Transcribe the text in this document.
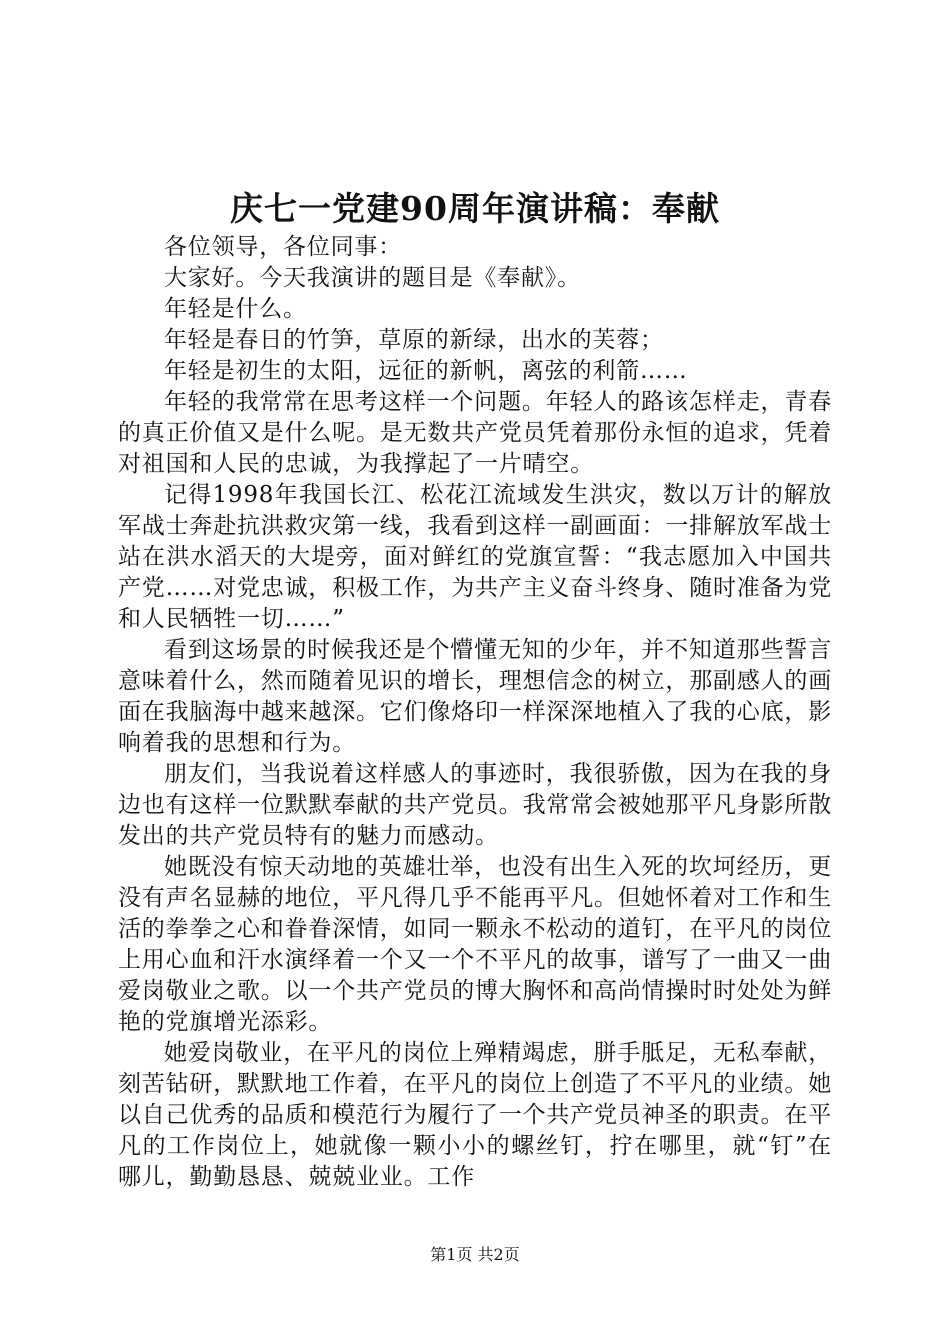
庆七一党建90周年演讲稿：奉献

各位领导，各位同事：

大家好。今天我演讲的题目是《奉献》。

年轻是什么。

年轻是春日的竹笋，草原的新绿，出水的芙蓉；

年轻是初生的太阳，远征的新帆，离弦的利箭……

年轻的我常常在思考这样一个问题。年轻人的路该怎样走，青春的真正价值又是什么呢。是无数共产党员凭着那份永恒的追求，凭着对祖国和人民的忠诚，为我撑起了一片晴空。

记得1998年我国长江、松花江流域发生洪灾，数以万计的解放军战士奔赴抗洪救灾第一线，我看到这样一副画面：一排解放军战士站在洪水滔天的大堤旁，面对鲜红的党旗宣誓：“我志愿加入中国共产党……对党忠诚，积极工作，为共产主义奋斗终身、随时准备为党和人民牺牲一切……”

看到这场景的时候我还是个懵懂无知的少年，并不知道那些誓言意味着什么，然而随着见识的增长，理想信念的树立，那副感人的画面在我脑海中越来越深。它们像烙印一样深深地植入了我的心底，影响着我的思想和行为。

朋友们，当我说着这样感人的事迹时，我很骄傲，因为在我的身边也有这样一位默默奉献的共产党员。我常常会被她那平凡身影所散发出的共产党员特有的魅力而感动。

她既没有惊天动地的英雄壮举，也没有出生入死的坎坷经历，更没有声名显赫的地位，平凡得几乎不能再平凡。但她怀着对工作和生活的拳拳之心和眷眷深情，如同一颗永不松动的道钉，在平凡的岗位上用心血和汗水演绎着一个又一个不平凡的故事，谱写了一曲又一曲爱岗敬业之歌。以一个共产党员的博大胸怀和高尚情操时时处处为鲜艳的党旗增光添彩。

她爱岗敬业，在平凡的岗位上殚精竭虑，胼手胝足，无私奉献，刻苦钻研，默默地工作着，在平凡的岗位上创造了不平凡的业绩。她以自己优秀的品质和模范行为履行了一个共产党员神圣的职责。在平凡的工作岗位上，她就像一颗小小的螺丝钉，拧在哪里，就“钉”在哪儿，勤勤恳恳、兢兢业业。工作

第1页 共2页
